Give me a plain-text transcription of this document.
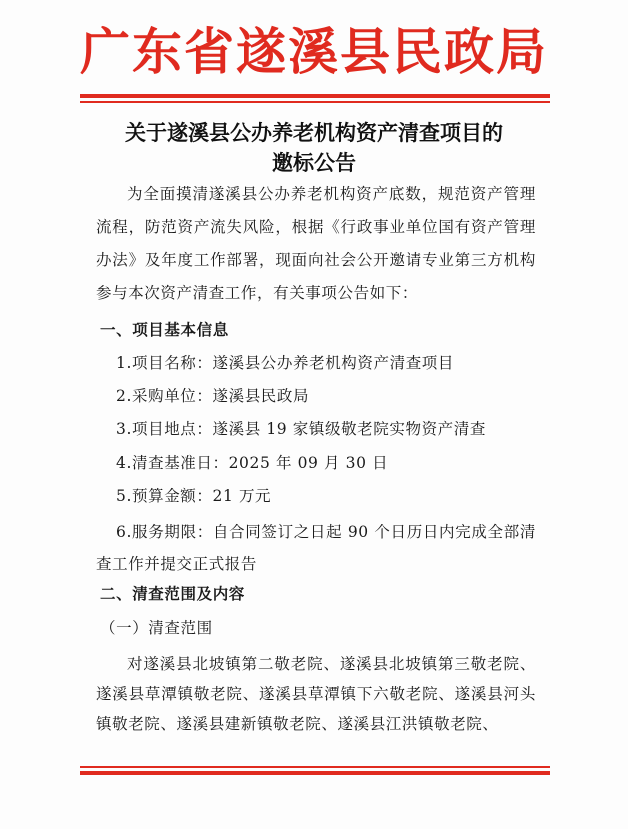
广东省遂溪县民政局
关于遂溪县公办养老机构资产清查项目的
邀标公告
为全面摸清遂溪县公办养老机构资产底数，规范资产管理流程，防范资产流失风险，根据《行政事业单位国有资产管理办法》及年度工作部署，现面向社会公开邀请专业第三方机构参与本次资产清查工作，有关事项公告如下：
一、项目基本信息
1.项目名称：遂溪县公办养老机构资产清查项目
2.采购单位：遂溪县民政局
3.项目地点：遂溪县 19 家镇级敬老院实物资产清查
4.清查基准日：2025 年 09 月 30 日
5.预算金额：21 万元
6.服务期限：自合同签订之日起 90 个日历日内完成全部清查工作并提交正式报告
二、清查范围及内容
（一）清查范围
对遂溪县北坡镇第二敬老院、遂溪县北坡镇第三敬老院、遂溪县草潭镇敬老院、遂溪县草潭镇下六敬老院、遂溪县河头镇敬老院、遂溪县建新镇敬老院、遂溪县江洪镇敬老院、
